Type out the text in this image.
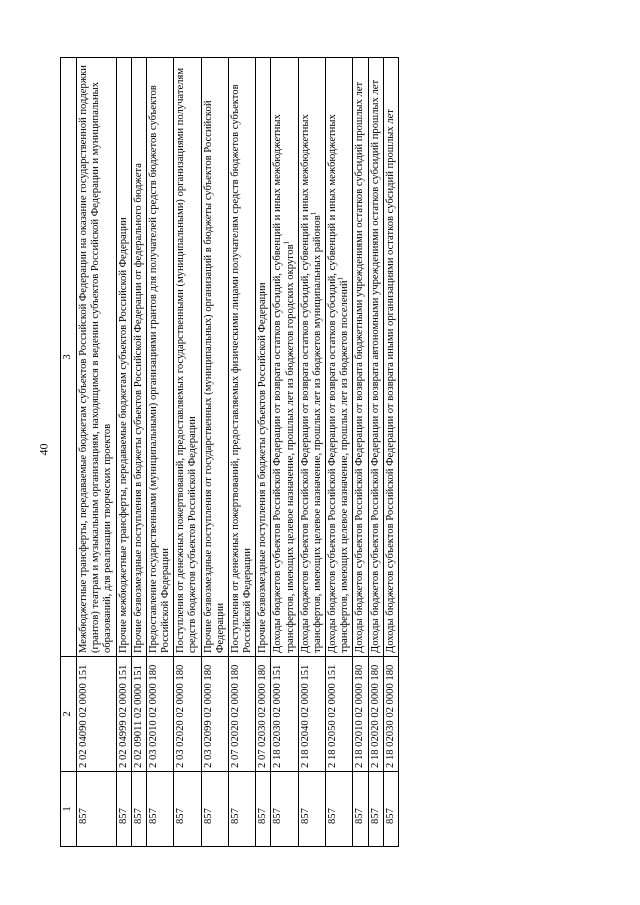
40
1	2	3
857	2 02 04090 02 0000 151	Межбюджетные трансферты, передаваемые бюджетам субъектов Российской Федерации на оказание государственной поддержки (грантов) театрам и музыкальным организациям, находящимся в ведении субъектов Российской Федерации и муниципальных образований, для реализации творческих проектов
857	2 02 04999 02 0000 151	Прочие межбюджетные трансферты, передаваемые бюджетам субъектов Российской Федерации
857	2 02 09011 02 0000 151	Прочие безвозмездные поступления в бюджеты субъектов Российской Федерации от федерального бюджета
857	2 03 02010 02 0000 180	Предоставление государственными (муниципальными) организациями грантов для получателей средств бюджетов субъектов Российской Федерации
857	2 03 02020 02 0000 180	Поступления от денежных пожертвований, предоставляемых государственными (муниципальными) организациями получателям средств бюджетов субъектов Российской Федерации
857	2 03 02099 02 0000 180	Прочие безвозмездные поступления от государственных (муниципальных) организаций в бюджеты субъектов Российской Федерации
857	2 07 02020 02 0000 180	Поступления от денежных пожертвований, предоставляемых физическими лицами получателям средств бюджетов субъектов Российской Федерации
857	2 07 02030 02 0000 180	Прочие безвозмездные поступления в бюджеты субъектов Российской Федерации
857	2 18 02030 02 0000 151	Доходы бюджетов субъектов Российской Федерации от возврата остатков субсидий, субвенций и иных межбюджетных трансфертов, имеющих целевое назначение, прошлых лет из бюджетов городских округов$^1$
857	2 18 02040 02 0000 151	Доходы бюджетов субъектов Российской Федерации от возврата остатков субсидий, субвенций и иных межбюджетных трансфертов, имеющих целевое назначение, прошлых лет из бюджетов муниципальных районов$^1$
857	2 18 02050 02 0000 151	Доходы бюджетов субъектов Российской Федерации от возврата остатков субсидий, субвенций и иных межбюджетных трансфертов, имеющих целевое назначение, прошлых лет из бюджетов поселений$^1$
857	2 18 02010 02 0000 180	Доходы бюджетов субъектов Российской Федерации от возврата бюджетными учреждениями остатков субсидий прошлых лет
857	2 18 02020 02 0000 180	Доходы бюджетов субъектов Российской Федерации от возврата автономными учреждениями остатков субсидий прошлых лет
857	2 18 02030 02 0000 180	Доходы бюджетов субъектов Российской Федерации от возврата иными организациями остатков субсидий прошлых лет
